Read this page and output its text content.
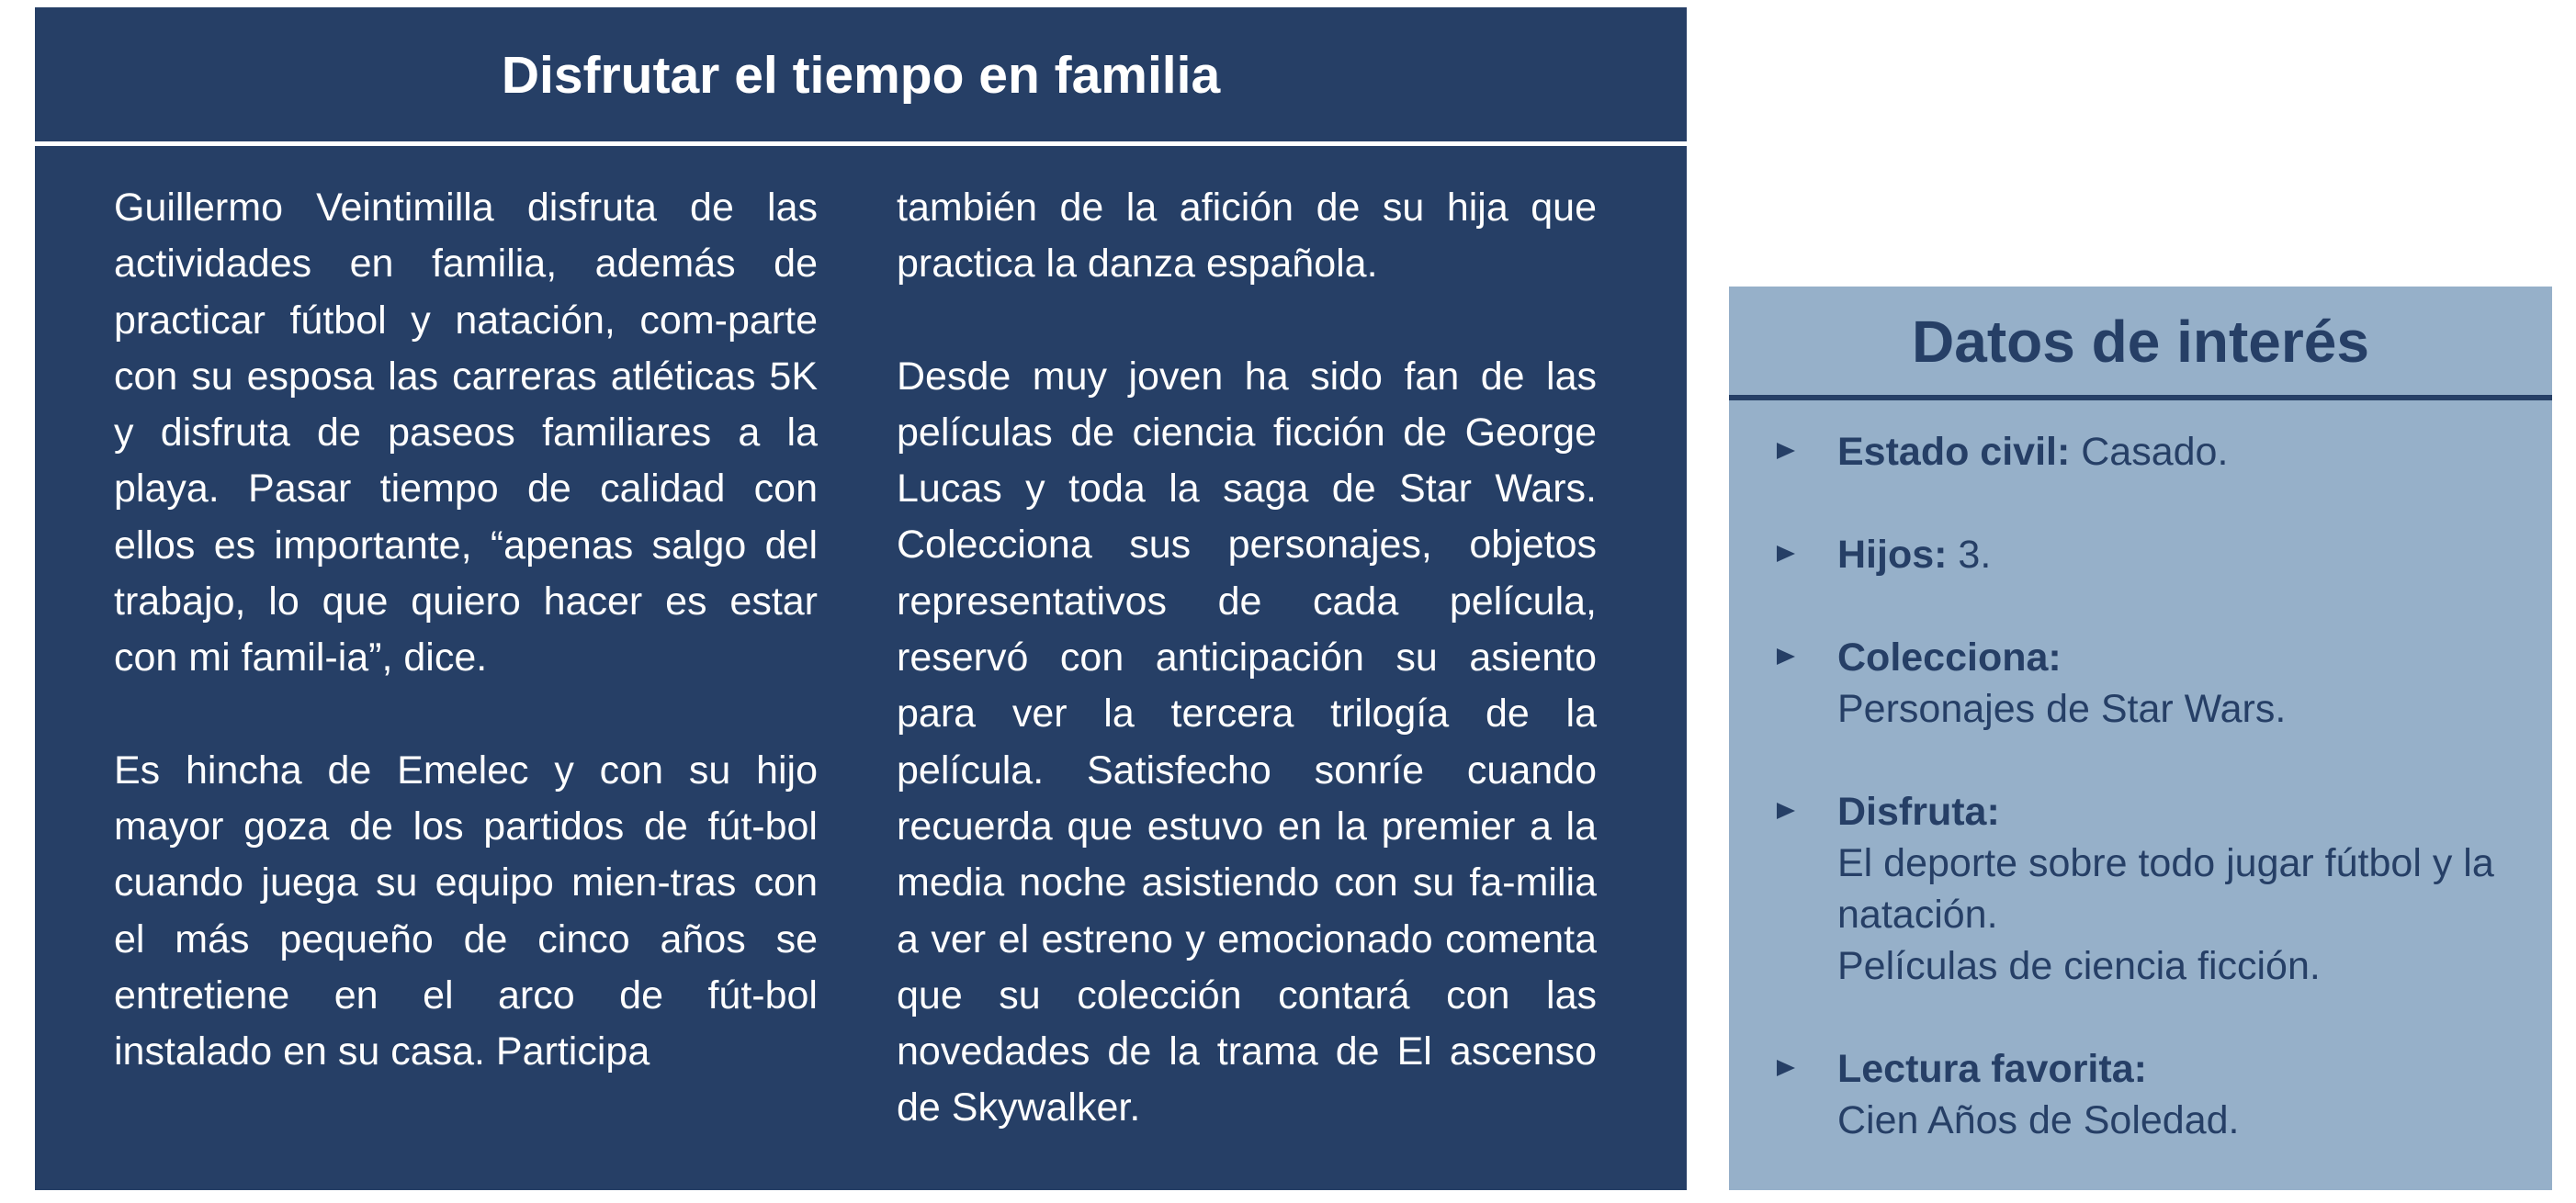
Disfrutar el tiempo en familia

Guillermo Veintimilla disfruta de las actividades en familia, además de practicar fútbol y natación, com-parte con su esposa las carreras atléticas 5K y disfruta de paseos familiares a la playa. Pasar tiempo de calidad con ellos es importante, “apenas salgo del trabajo, lo que quiero hacer es estar con mi famil-ia”, dice.

Es hincha de Emelec y con su hijo mayor goza de los partidos de fút-bol cuando juega su equipo mien-tras con el más pequeño de cinco años se entretiene en el arco de fút-bol instalado en su casa. Participa

también de la afición de su hija que practica la danza española.

Desde muy joven ha sido fan de las películas de ciencia ficción de George Lucas y toda la saga de Star Wars. Colecciona sus personajes, objetos representativos de cada película, reservó con anticipación su asiento para ver la tercera trilogía de la película. Satisfecho sonríe cuando recuerda que estuvo en la premier a la media noche asistiendo con su fa-milia a ver el estreno y emocionado comenta que su colección contará con las novedades de la trama de El ascenso de Skywalker.

Datos de interés
Estado civil: Casado.
Hijos: 3.
Colecciona:
Personajes de Star Wars.
Disfruta:
El deporte sobre todo jugar fútbol y la natación.
Películas de ciencia ficción.
Lectura favorita:
Cien Años de Soledad.
